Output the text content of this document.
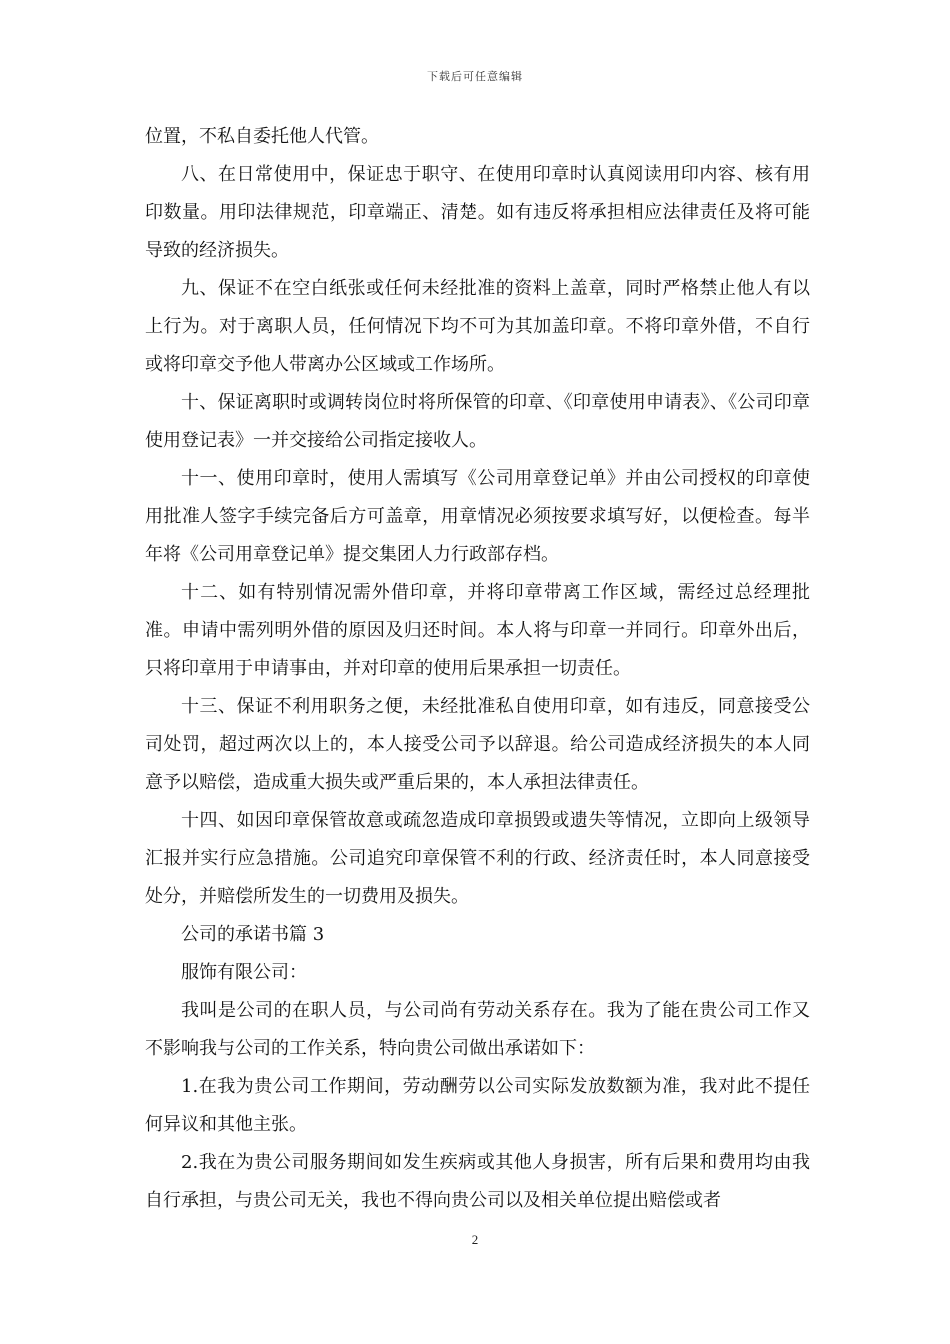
下载后可任意编辑

位置，不私自委托他人代管。

八、在日常使用中，保证忠于职守、在使用印章时认真阅读用印内容、核有用印数量。用印法律规范，印章端正、清楚。如有违反将承担相应法律责任及将可能导致的经济损失。

九、保证不在空白纸张或任何未经批准的资料上盖章，同时严格禁止他人有以上行为。对于离职人员，任何情况下均不可为其加盖印章。不将印章外借，不自行或将印章交予他人带离办公区域或工作场所。

十、保证离职时或调转岗位时将所保管的印章、《印章使用申请表》、《公司印章使用登记表》一并交接给公司指定接收人。

十一、使用印章时，使用人需填写《公司用章登记单》并由公司授权的印章使用批准人签字手续完备后方可盖章，用章情况必须按要求填写好，以便检查。每半年将《公司用章登记单》提交集团人力行政部存档。

十二、如有特别情况需外借印章，并将印章带离工作区域，需经过总经理批准。申请中需列明外借的原因及归还时间。本人将与印章一并同行。印章外出后，只将印章用于申请事由，并对印章的使用后果承担一切责任。

十三、保证不利用职务之便，未经批准私自使用印章，如有违反，同意接受公司处罚，超过两次以上的，本人接受公司予以辞退。给公司造成经济损失的本人同意予以赔偿，造成重大损失或严重后果的，本人承担法律责任。

十四、如因印章保管故意或疏忽造成印章损毁或遗失等情况，立即向上级领导汇报并实行应急措施。公司追究印章保管不利的行政、经济责任时，本人同意接受处分，并赔偿所发生的一切费用及损失。

公司的承诺书篇 3

服饰有限公司：

我叫是公司的在职人员，与公司尚有劳动关系存在。我为了能在贵公司工作又不影响我与公司的工作关系，特向贵公司做出承诺如下：

1.在我为贵公司工作期间，劳动酬劳以公司实际发放数额为准，我对此不提任何异议和其他主张。

2.我在为贵公司服务期间如发生疾病或其他人身损害，所有后果和费用均由我自行承担，与贵公司无关，我也不得向贵公司以及相关单位提出赔偿或者

2
